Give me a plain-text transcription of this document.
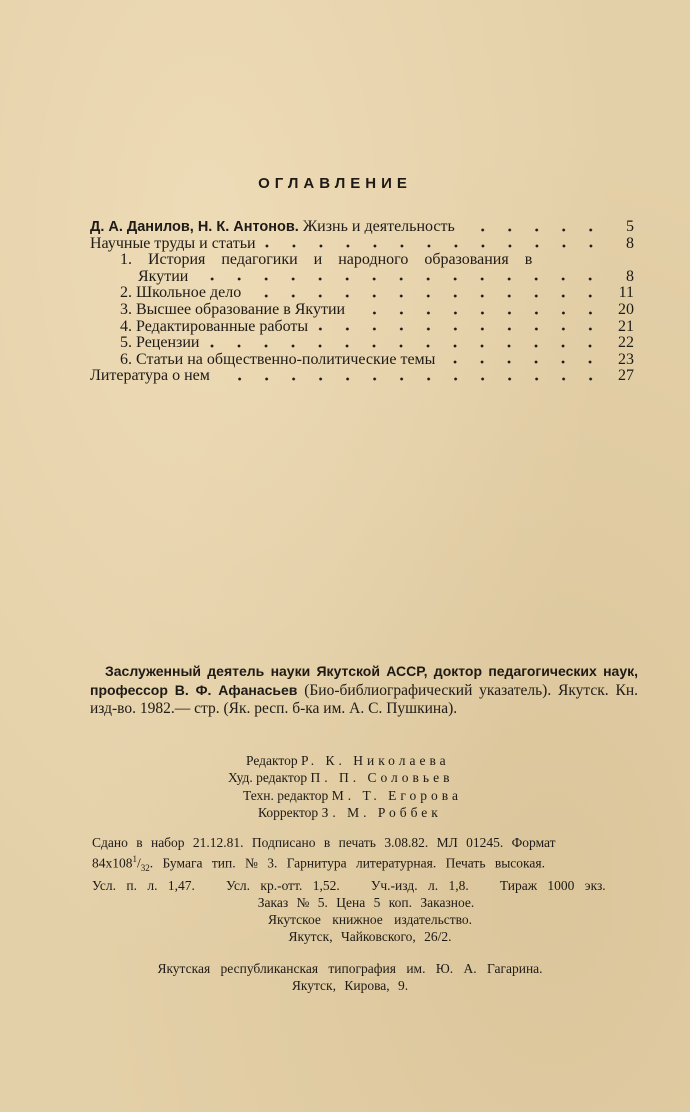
ОГЛАВЛЕНИЕ
Д. А. Данилов, Н. К. Антонов. Жизнь и деятельность	5
Научные труды и статьи	8
1. История педагогики и народного образования в
Якутии	8
2. Школьное дело	11
3. Высшее образование в Якутии	20
4. Редактированные работы	21
5. Рецензии	22
6. Статьи на общественно-политические темы	23
Литература о нем	27
Заслуженный деятель науки Якутской АССР, доктор педагогических наук, профессор В. Ф. Афанасьев (Био-библиографический указатель). Якутск. Кн. изд-во. 1982.— стр. (Як. респ. б-ка им. А. С. Пушкина).
Редактор Р. К. Николаева
Худ. редактор П. П. Соловьев
Техн. редактор М. Т. Егорова
Корректор З. М. Роббек
Сдано в набор 21.12.81. Подписано в печать 3.08.82. МЛ 01245. Формат
$84х108^1/_{32}$. Бумага тип. № 3. Гарнитура литературная. Печать высокая.
Усл. п. л. 1,47.   Усл. кр.-отт. 1,52.   Уч.-изд. л. 1,8.   Тираж 1000 экз.
Заказ № 5. Цена 5 коп. Заказное.
Якутское книжное издательство.
Якутск, Чайковского, 26/2.
Якутская республиканская типография им. Ю. А. Гагарина.
Якутск, Кирова, 9.
